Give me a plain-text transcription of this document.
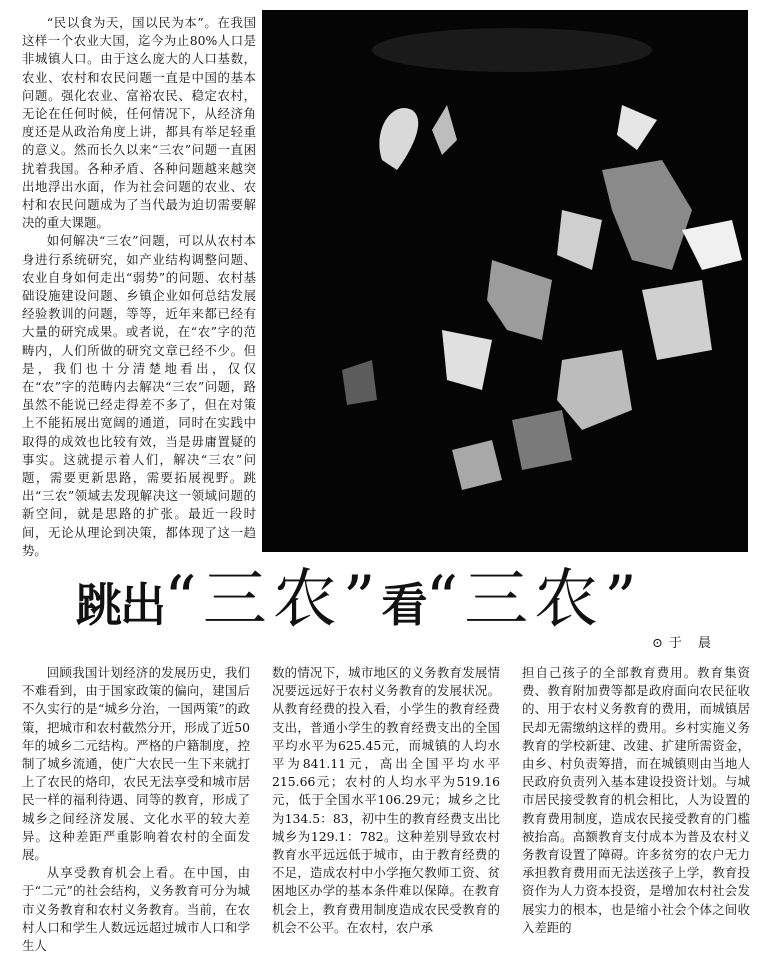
“民以食为天，国以民为本”。在我国这样一个农业大国，迄今为止80%人口是非城镇人口。由于这么庞大的人口基数，农业、农村和农民问题一直是中国的基本问题。强化农业、富裕农民、稳定农村，无论在任何时候，任何情况下，从经济角度还是从政治角度上讲，都具有举足轻重的意义。然而长久以来“三农”问题一直困扰着我国。各种矛盾、各种问题越来越突出地浮出水面，作为社会问题的农业、农村和农民问题成为了当代最为迫切需要解决的重大课题。

如何解决“三农”问题，可以从农村本身进行系统研究，如产业结构调整问题、农业自身如何走出“弱势”的问题、农村基础设施建设问题、乡镇企业如何总结发展经验教训的问题，等等，近年来都已经有大量的研究成果。或者说，在“农”字的范畴内，人们所做的研究文章已经不少。但是，我们也十分清楚地看出，仅仅在“农”字的范畴内去解决“三农”问题，路虽然不能说已经走得差不多了，但在对策上不能拓展出宽阔的通道，同时在实践中取得的成效也比较有效，当是毋庸置疑的事实。这就提示着人们，解决“三农”问题，需要更新思路，需要拓展视野。跳出“三农”领域去发现解决这一领域问题的新空间，就是思路的扩张。最近一段时间，无论从理论到决策，都体现了这一趋势。

跳出“三农”看“三农”
⊙于 晨

回顾我国计划经济的发展历史，我们不难看到，由于国家政策的偏向，建国后不久实行的是“城乡分治，一国两策”的政策，把城市和农村截然分开，形成了近50年的城乡二元结构。严格的户籍制度，控制了城乡流通，使广大农民一生下来就打上了农民的烙印，农民无法享受和城市居民一样的福利待遇、同等的教育，形成了城乡之间经济发展、文化水平的较大差异。这种差距严重影响着农村的全面发展。

从享受教育机会上看。在中国，由于“二元”的社会结构，义务教育可分为城市义务教育和农村义务教育。当前，在农村人口和学生人数远远超过城市人口和学生人

数的情况下，城市地区的义务教育发展情况要远远好于农村义务教育的发展状况。从教育经费的投入看，小学生的教育经费支出，普通小学生的教育经费支出的全国平均水平为625.45元，而城镇的人均水平为841.11元，高出全国平均水平215.66元；农村的人均水平为519.16元，低于全国水平106.29元；城乡之比为134.5：83，初中生的教育经费支出比城乡为129.1：782。这种差别导致农村教育水平远远低于城市，由于教育经费的不足，造成农村中小学拖欠教师工资、贫困地区办学的基本条件难以保障。在教育机会上，教育费用制度造成农民受教育的机会不公平。在农村，农户承

担自己孩子的全部教育费用。教育集资费、教育附加费等都是政府面向农民征收的、用于农村义务教育的费用，而城镇居民却无需缴纳这样的费用。乡村实施义务教育的学校新建、改建、扩建所需资金，由乡、村负责筹措，而在城镇则由当地人民政府负责列入基本建设投资计划。与城市居民接受教育的机会相比，人为设置的教育费用制度，造成农民接受教育的门槛被抬高。高额教育支付成本为普及农村义务教育设置了障碍。许多贫穷的农户无力承担教育费用而无法送孩子上学，教育投资作为人力资本投资，是增加农村社会发展实力的根本，也是缩小社会个体之间收入差距的
